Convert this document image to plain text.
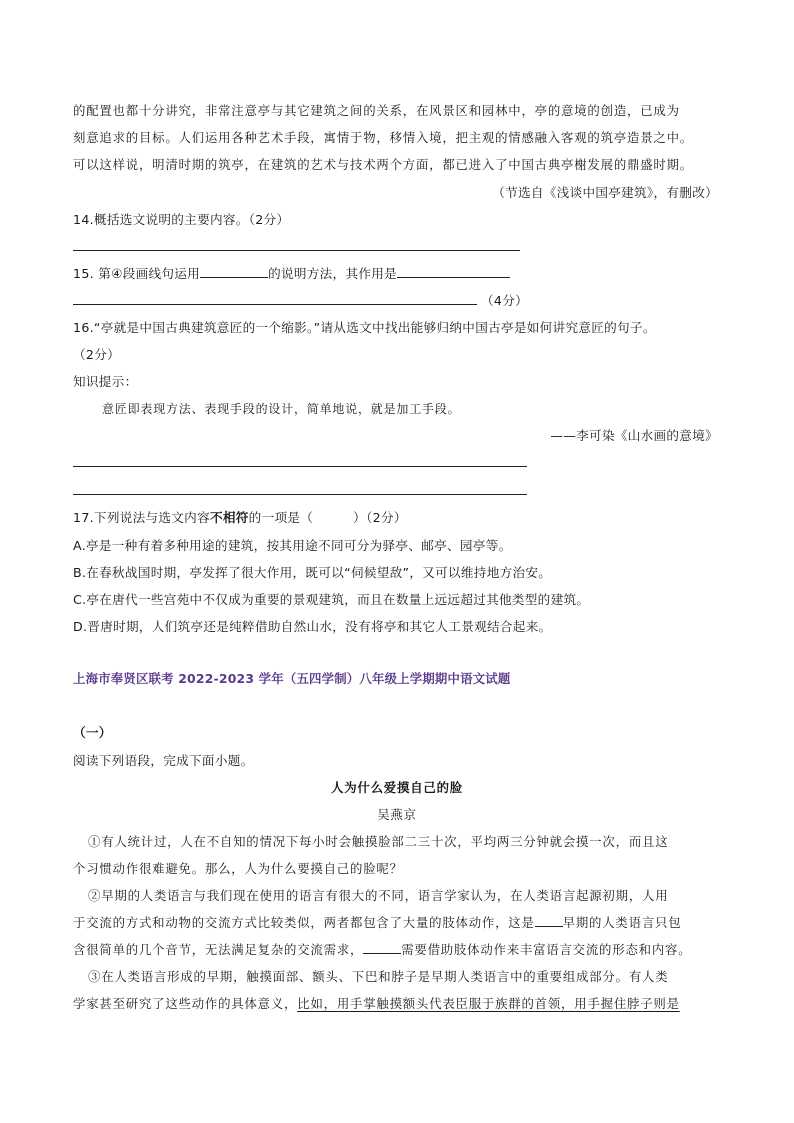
的配置也都十分讲究，非常注意亭与其它建筑之间的关系，在风景区和园林中，亭的意境的创造，已成为
刻意追求的目标。人们运用各种艺术手段，寓情于物，移情入境，把主观的情感融入客观的筑亭造景之中。
可以这样说，明清时期的筑亭，在建筑的艺术与技术两个方面，都已进入了中国古典亭榭发展的鼎盛时期。
（节选自《浅谈中国亭建筑》，有删改）
14.概括选文说明的主要内容。（2分）
15. 第④段画线句运用	的说明方法，其作用是
（4分）
16.“亭就是中国古典建筑意匠的一个缩影。”请从选文中找出能够归纳中国古亭是如何讲究意匠的句子。
（2分）
知识提示：
意匠即表现方法、表现手段的设计，简单地说，就是加工手段。
——李可染《山水画的意境》
17.下列说法与选文内容不相符的一项是（	）（2分）
A.亭是一种有着多种用途的建筑，按其用途不同可分为驿亭、邮亭、园亭等。
B.在春秋战国时期，亭发挥了很大作用，既可以“伺候望敌”，又可以维持地方治安。
C.亭在唐代一些宫苑中不仅成为重要的景观建筑，而且在数量上远远超过其他类型的建筑。
D.晋唐时期，人们筑亭还是纯粹借助自然山水，没有将亭和其它人工景观结合起来。
上海市奉贤区联考 2022-2023 学年（五四学制）八年级上学期期中语文试题
（一）
阅读下列语段，完成下面小题。
人为什么爱摸自己的脸
吴燕京
①有人统计过，人在不自知的情况下每小时会触摸脸部二三十次，平均两三分钟就会摸一次，而且这
个习惯动作很难避免。那么，人为什么要摸自己的脸呢？
②早期的人类语言与我们现在使用的语言有很大的不同，语言学家认为，在人类语言起源初期，人用
于交流的方式和动物的交流方式比较类似，两者都包含了大量的肢体动作，这是 早期的人类语言只包
含很简单的几个音节，无法满足复杂的交流需求，	需要借助肢体动作来丰富语言交流的形态和内容。
③在人类语言形成的早期，触摸面部、额头、下巴和脖子是早期人类语言中的重要组成部分。有人类
学家甚至研究了这些动作的具体意义，比如，用手掌触摸额头代表臣服于族群的首领，用手握住脖子则是
